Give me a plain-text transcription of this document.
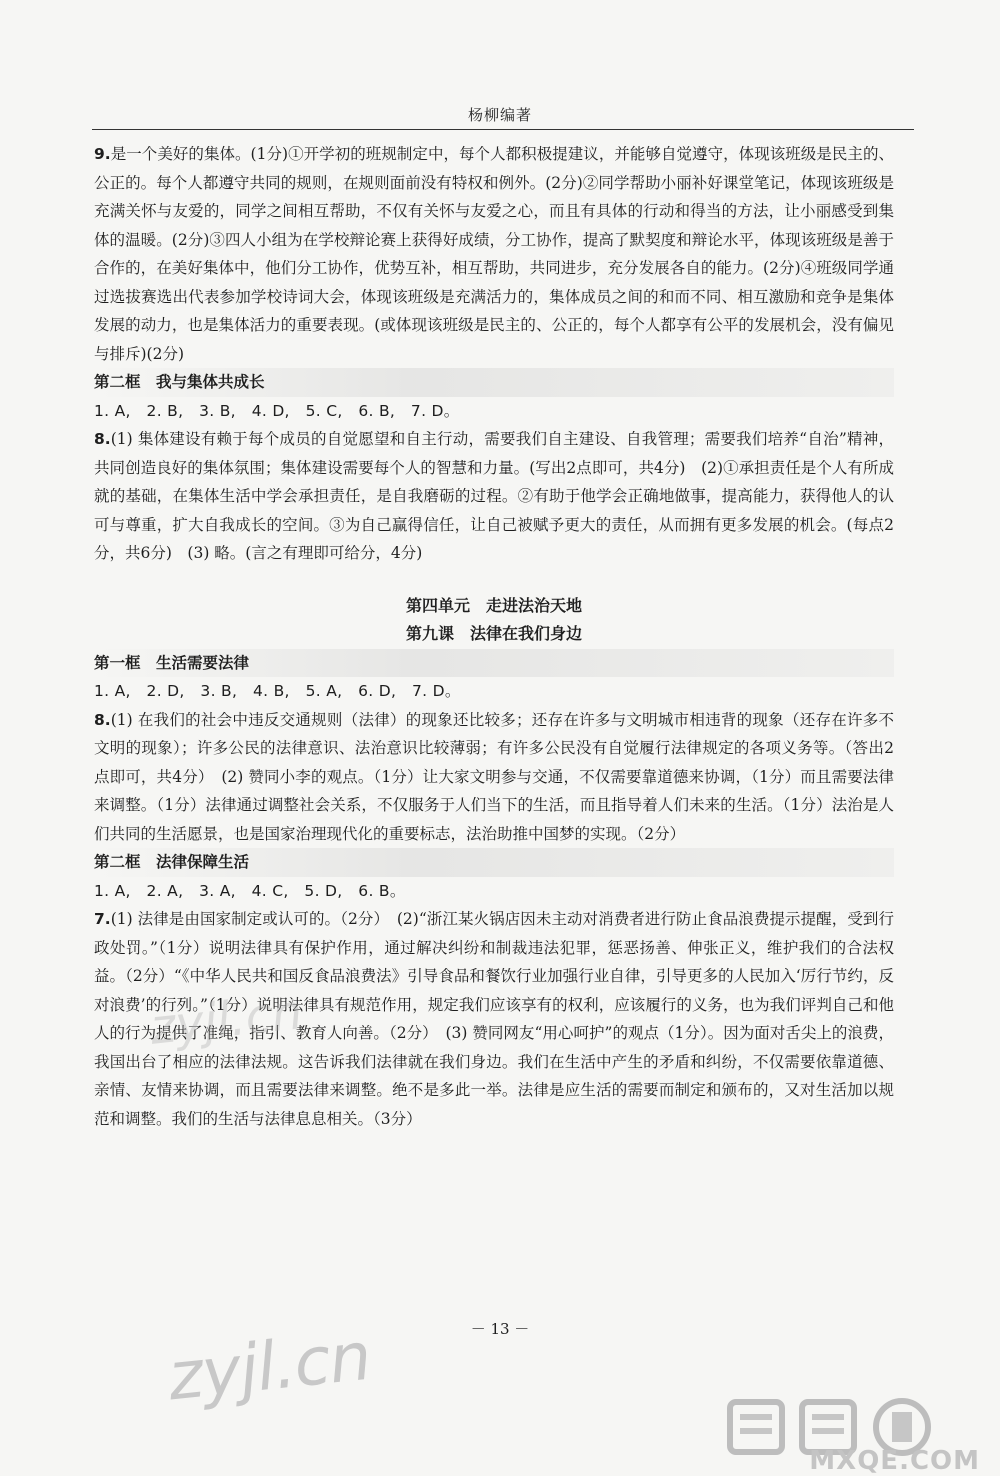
杨柳编著

9.是一个美好的集体。(1分)①开学初的班规制定中，每个人都积极提建议，并能够自觉遵守，体现该班级是民主的、公正的。每个人都遵守共同的规则，在规则面前没有特权和例外。(2分)②同学帮助小丽补好课堂笔记，体现该班级是充满关怀与友爱的，同学之间相互帮助，不仅有关怀与友爱之心，而且有具体的行动和得当的方法，让小丽感受到集体的温暖。(2分)③四人小组为在学校辩论赛上获得好成绩，分工协作，提高了默契度和辩论水平，体现该班级是善于合作的，在美好集体中，他们分工协作，优势互补，相互帮助，共同进步，充分发展各自的能力。(2分)④班级同学通过选拔赛选出代表参加学校诗词大会，体现该班级是充满活力的，集体成员之间的和而不同、相互激励和竞争是集体发展的动力，也是集体活力的重要表现。(或体现该班级是民主的、公正的，每个人都享有公平的发展机会，没有偏见与排斥)(2分)

第二框　我与集体共成长

1. A,　2. B,　3. B,　4. D,　5. C,　6. B,　7. D。

8.(1) 集体建设有赖于每个成员的自觉愿望和自主行动，需要我们自主建设、自我管理；需要我们培养“自治”精神，共同创造良好的集体氛围；集体建设需要每个人的智慧和力量。(写出2点即可，共4分)　(2)①承担责任是个人有所成就的基础，在集体生活中学会承担责任，是自我磨砺的过程。②有助于他学会正确地做事，提高能力，获得他人的认可与尊重，扩大自我成长的空间。③为自己赢得信任，让自己被赋予更大的责任，从而拥有更多发展的机会。(每点2分，共6分)　(3) 略。(言之有理即可给分，4分)

第四单元　走进法治天地

第九课　法律在我们身边

第一框　生活需要法律

1. A,　2. D,　3. B,　4. B,　5. A,　6. D,　7. D。

8.(1) 在我们的社会中违反交通规则（法律）的现象还比较多；还存在许多与文明城市相违背的现象（还存在许多不文明的现象）；许多公民的法律意识、法治意识比较薄弱；有许多公民没有自觉履行法律规定的各项义务等。（答出2点即可，共4分）　(2) 赞同小李的观点。（1分）让大家文明参与交通，不仅需要靠道德来协调，（1分）而且需要法律来调整。（1分）法律通过调整社会关系，不仅服务于人们当下的生活，而且指导着人们未来的生活。（1分）法治是人们共同的生活愿景，也是国家治理现代化的重要标志，法治助推中国梦的实现。（2分）

第二框　法律保障生活

1. A,　2. A,　3. A,　4. C,　5. D,　6. B。

7.(1) 法律是由国家制定或认可的。（2分）　(2)“浙江某火锅店因未主动对消费者进行防止食品浪费提示提醒，受到行政处罚。”（1分）说明法律具有保护作用，通过解决纠纷和制裁违法犯罪，惩恶扬善、伸张正义，维护我们的合法权益。（2分）“《中华人民共和国反食品浪费法》引导食品和餐饮行业加强行业自律，引导更多的人民加入‘厉行节约，反对浪费’的行列。”（1分）说明法律具有规范作用，规定我们应该享有的权利，应该履行的义务，也为我们评判自己和他人的行为提供了准绳，指引、教育人向善。（2分）　(3) 赞同网友“用心呵护”的观点（1分）。因为面对舌尖上的浪费，我国出台了相应的法律法规。这告诉我们法律就在我们身边。我们在生活中产生的矛盾和纠纷，不仅需要依靠道德、亲情、友情来协调，而且需要法律来调整。绝不是多此一举。法律是应生活的需要而制定和颁布的，又对生活加以规范和调整。我们的生活与法律息息相关。（3分）

zyjl.cn
－ 13 －
zyjl.cn
MXQE.COM
